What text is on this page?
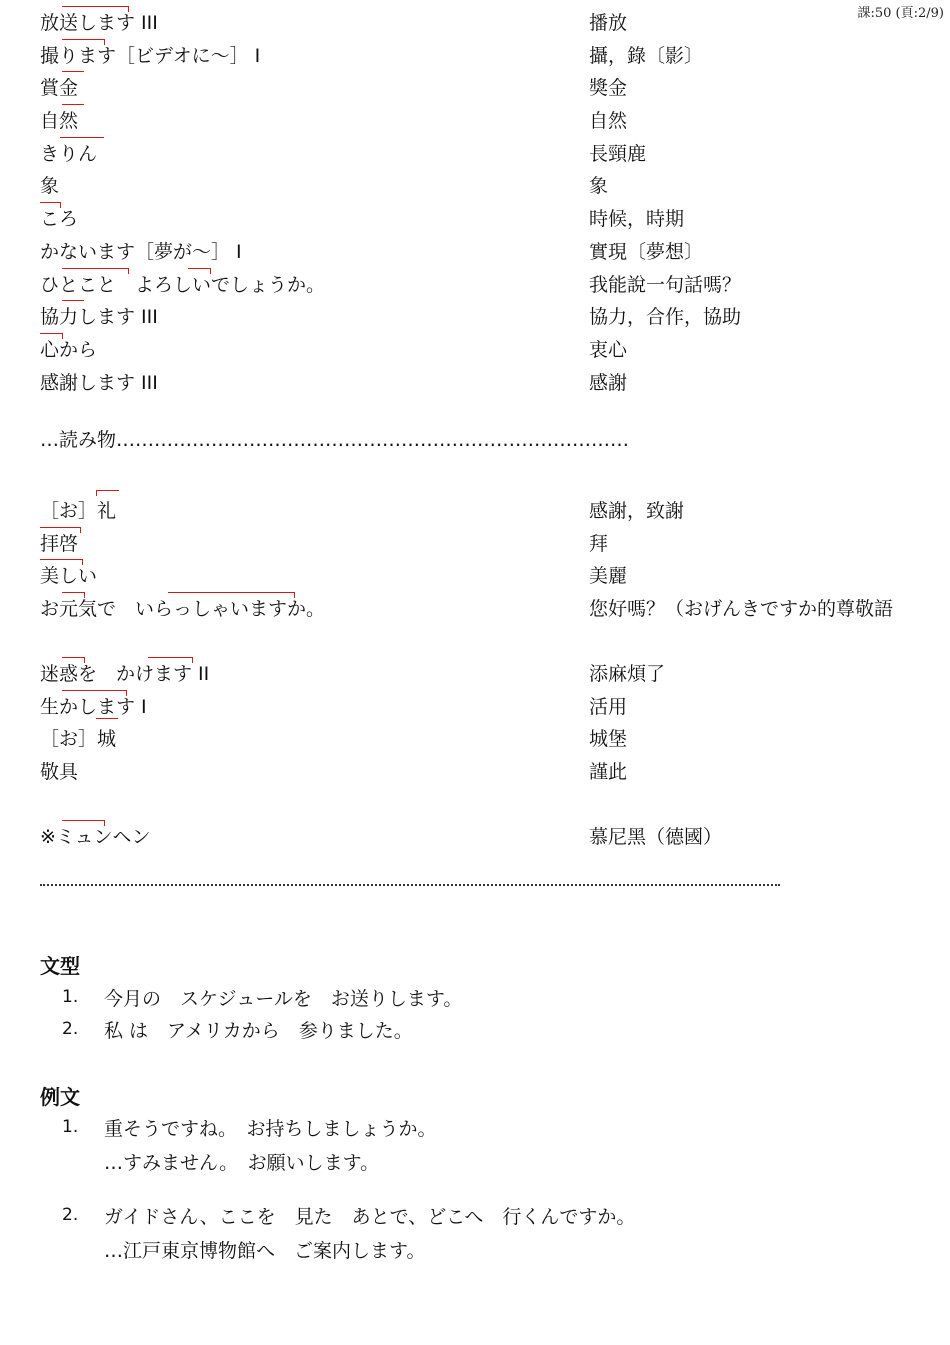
課:50 (頁:2/9)
放送します III	播放
撮ります［ビデオに～］ I	攝，錄〔影〕
賞金	獎金
自然	自然
きりん	長頸鹿
象	象
ころ	時候，時期
かないます［夢が～］ I	實現〔夢想〕
ひとこと　よろしいでしょうか。	我能說一句話嗎？
協力します III	協力，合作，協助
心から	衷心
感謝します III	感謝
…読み物………………………………………………………………………
［お］礼	感謝，致謝
拝啓	拜
美しい	美麗
お元気で　いらっしゃいますか。	您好嗎？（おげんきですか的尊敬語
迷惑を　かけます II	添麻煩了
生かします I	活用
［お］城	城堡
敬具	謹此
※ミュンヘン	慕尼黑（德國）
文型
1. 今月の　スケジュールを　お送りします。
2. 私 は　アメリカから　参りました。
例文
1. 重そうですね。　お持ちしましょうか。
…すみません。　お願いします。
2. ガイドさん、ここを　見た　あとで、どこへ　行くんですか。
…江戸東京博物館へ　ご案内します。
